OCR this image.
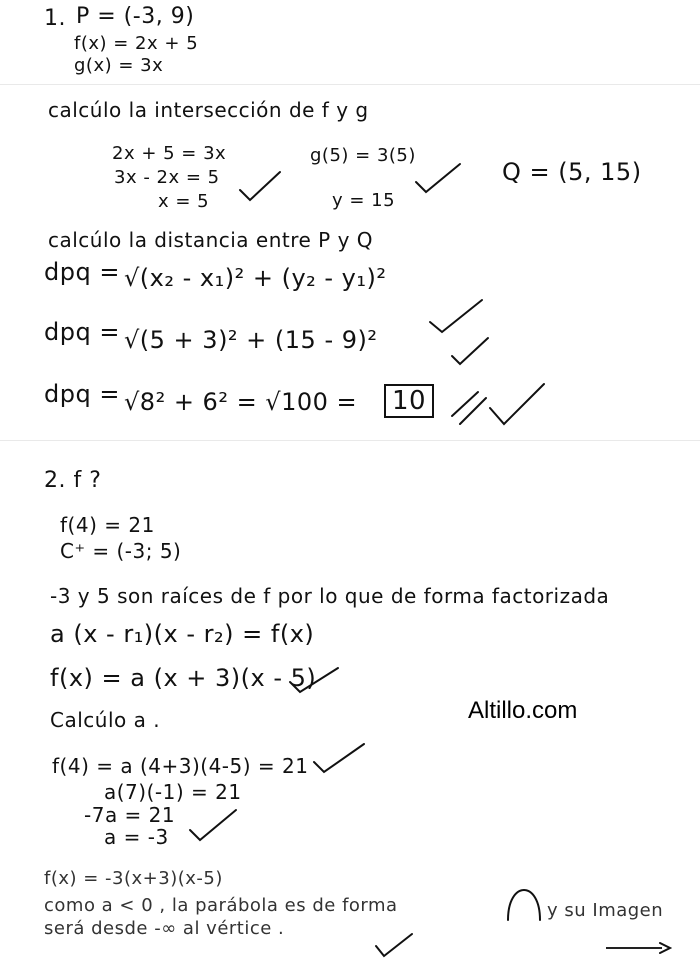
1. P = (-3, 9)
f(x) = 2x + 5
g(x) = 3x
calcúlo la intersección de f y g
2x + 5 = 3x
3x - 2x = 5
x = 5
g(5) = 3(5)
y = 15
Q = (5, 15)
calcúlo la distancia entre P y Q
dpq = √(x₂ - x₁)² + (y₂ - y₁)²
dpq = √(5 + 3)² + (15 - 9)²
dpq = √8² + 6² = √100 =	10
2. f ?
f(4) = 21
C⁺ = (-3; 5)
-3 y 5 son raíces de f por lo que de forma factorizada
a (x - r₁)(x - r₂) = f(x)
f(x) = a (x + 3)(x - 5)
Altillo.com
Calcúlo a .
f(4) = a (4+3)(4-5) = 21
a(7)(-1) = 21
-7a = 21
a = -3
f(x) = -3(x+3)(x-5)
como a < 0 , la parábola es de forma	y su Imagen
será desde -∞ al vértice .
